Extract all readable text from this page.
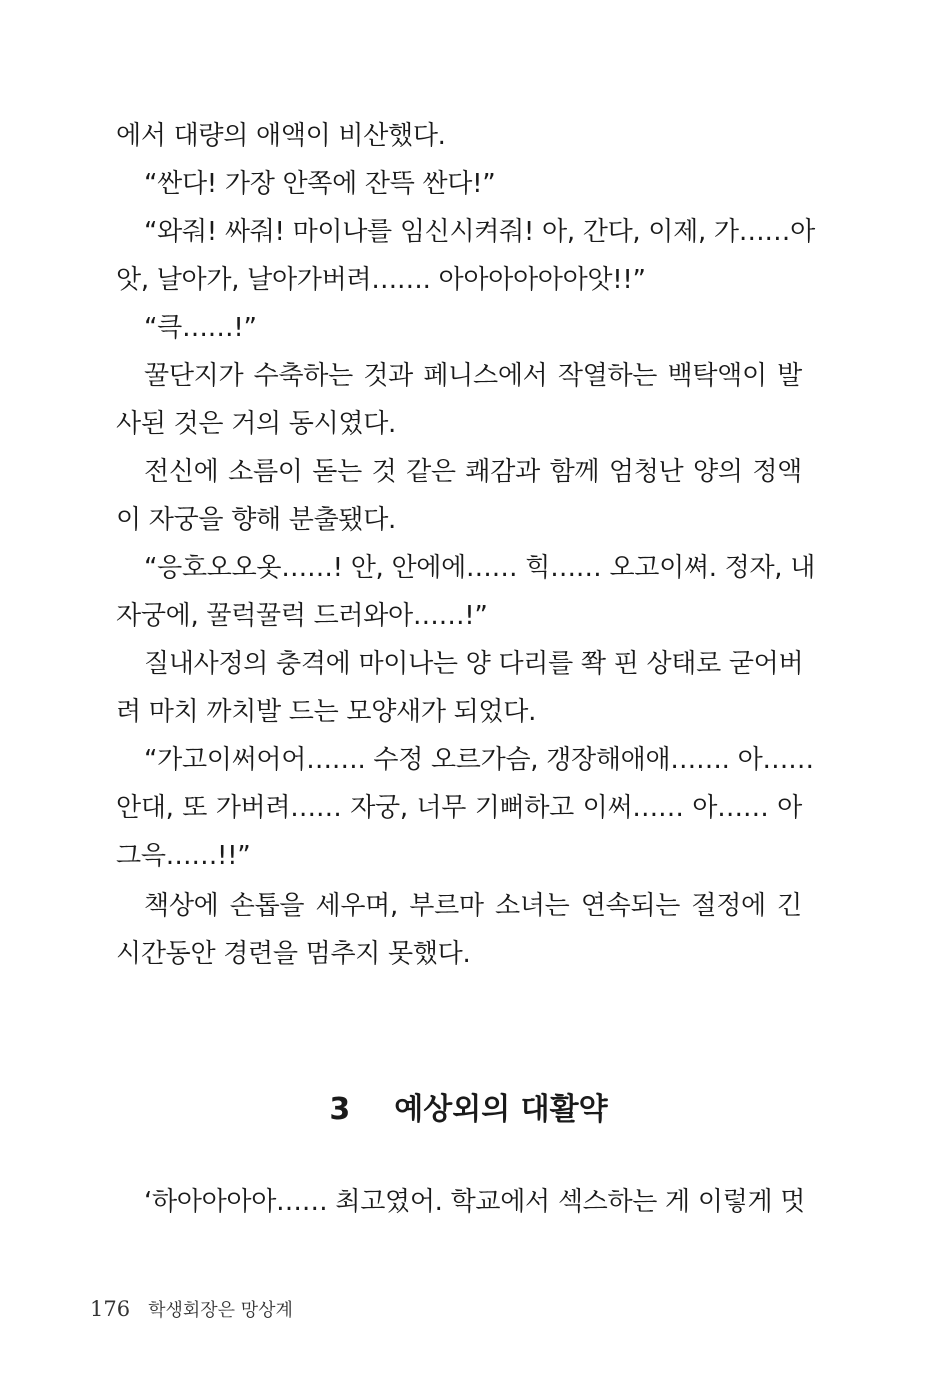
에서 대량의 애액이 비산했다.
“싼다! 가장 안쪽에 잔뜩 싼다!”
“와줘! 싸줘! 마이나를 임신시켜줘! 아, 간다, 이제, 가……아
앗, 날아가, 날아가버려……. 아아아아아아앗!!”
“큭……!”
꿀단지가 수축하는 것과 페니스에서 작열하는 백탁액이 발
사된 것은 거의 동시였다.
전신에 소름이 돋는 것 같은 쾌감과 함께 엄청난 양의 정액
이 자궁을 향해 분출됐다.
“응호오오옷……! 안, 안에에…… 힉…… 오고이쎠. 정자, 내
자궁에, 꿀럭꿀럭 드러와아……!”
질내사정의 충격에 마이나는 양 다리를 쫙 핀 상태로 굳어버
려 마치 까치발 드는 모양새가 되었다.
“가고이써어어……. 수정 오르가슴, 갱장해애애……. 아……
안대, 또 가버려…… 자궁, 너무 기뻐하고 이써…… 아…… 아
그윽……!!”
책상에 손톱을 세우며, 부르마 소녀는 연속되는 절정에 긴
시간동안 경련을 멈추지 못했다.
3 예상외의 대활약
‘하아아아아…… 최고였어. 학교에서 섹스하는 게 이렇게 멋
176 학생회장은 망상계
